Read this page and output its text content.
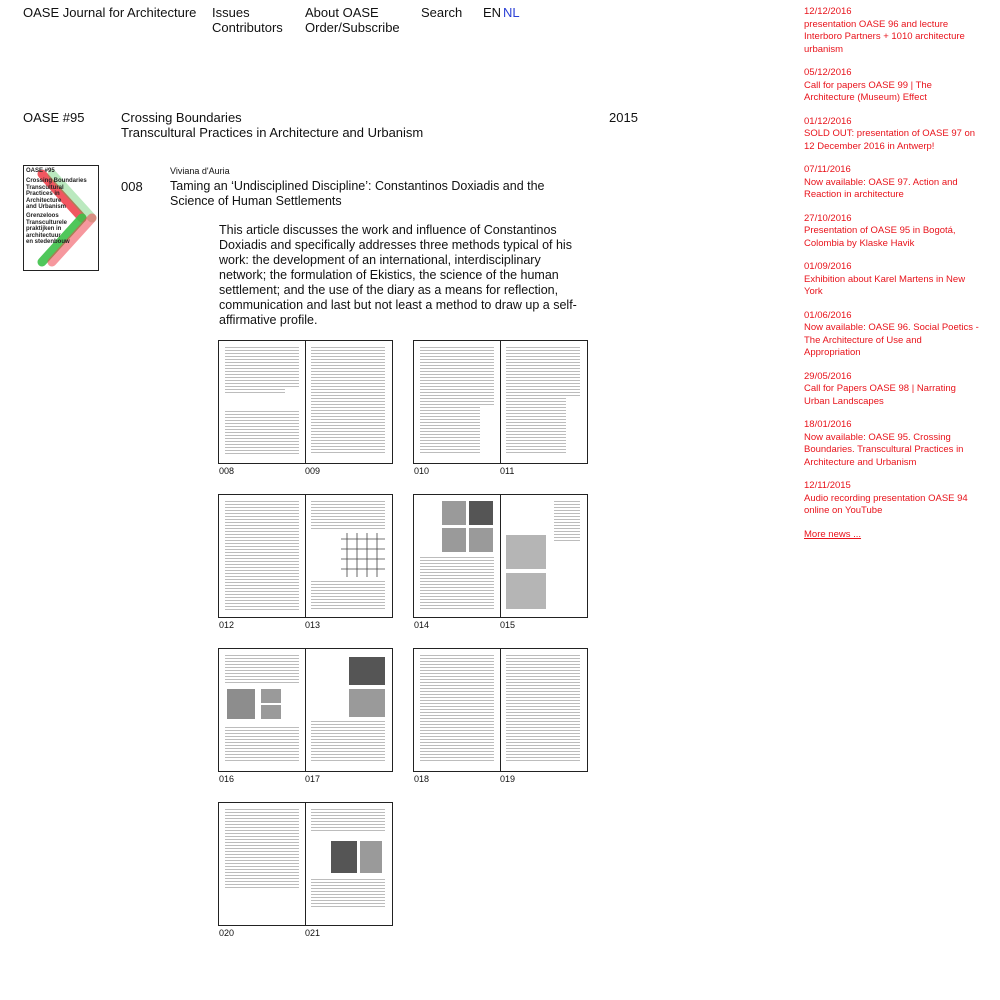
OASE Journal for Architecture Issues
Contributors
About OASE
Order/Subscribe
Search EN NL
OASE #95	Crossing Boundaries
Transcultural Practices in Architecture and Urbanism
2015
OASE #95
Crossing Boundaries
Transcultural
Practices in
Architecture
and Urbanism
Grenzeloos
Transculturele
praktijken in
architectuur
en stedenbouw
008
Viviana d'Auria
Taming an ‘Undisciplined Discipline’: Constantinos Doxiadis and the
Science of Human Settlements
This article discusses the work and influence of Constantinos Doxiadis and specifically addresses three methods typical of his work: the development of an international, interdisciplinary network; the formulation of Ekistics, the science of the human settlement; and the use of the diary as a means for reflection, communication and last but not least a method to draw up a self-affirmative profile.
008	009	010	011
012	013	014	015
016	017	018	019
020	021
12/12/2016
presentation OASE 96 and lecture Interboro Partners + 1010 architecture urbanism
05/12/2016
Call for papers OASE 99 | The Architecture (Museum) Effect
01/12/2016
SOLD OUT: presentation of OASE 97 on 12 December 2016 in Antwerp!
07/11/2016
Now available: OASE 97. Action and Reaction in architecture
27/10/2016
Presentation of OASE 95 in Bogotá, Colombia by Klaske Havik
01/09/2016
Exhibition about Karel Martens in New York
01/06/2016
Now available: OASE 96. Social Poetics - The Architecture of Use and Appropriation
29/05/2016
Call for Papers OASE 98 | Narrating Urban Landscapes
18/01/2016
Now available: OASE 95. Crossing Boundaries. Transcultural Practices in Architecture and Urbanism
12/11/2015
Audio recording presentation OASE 94 online on YouTube
More news ...
